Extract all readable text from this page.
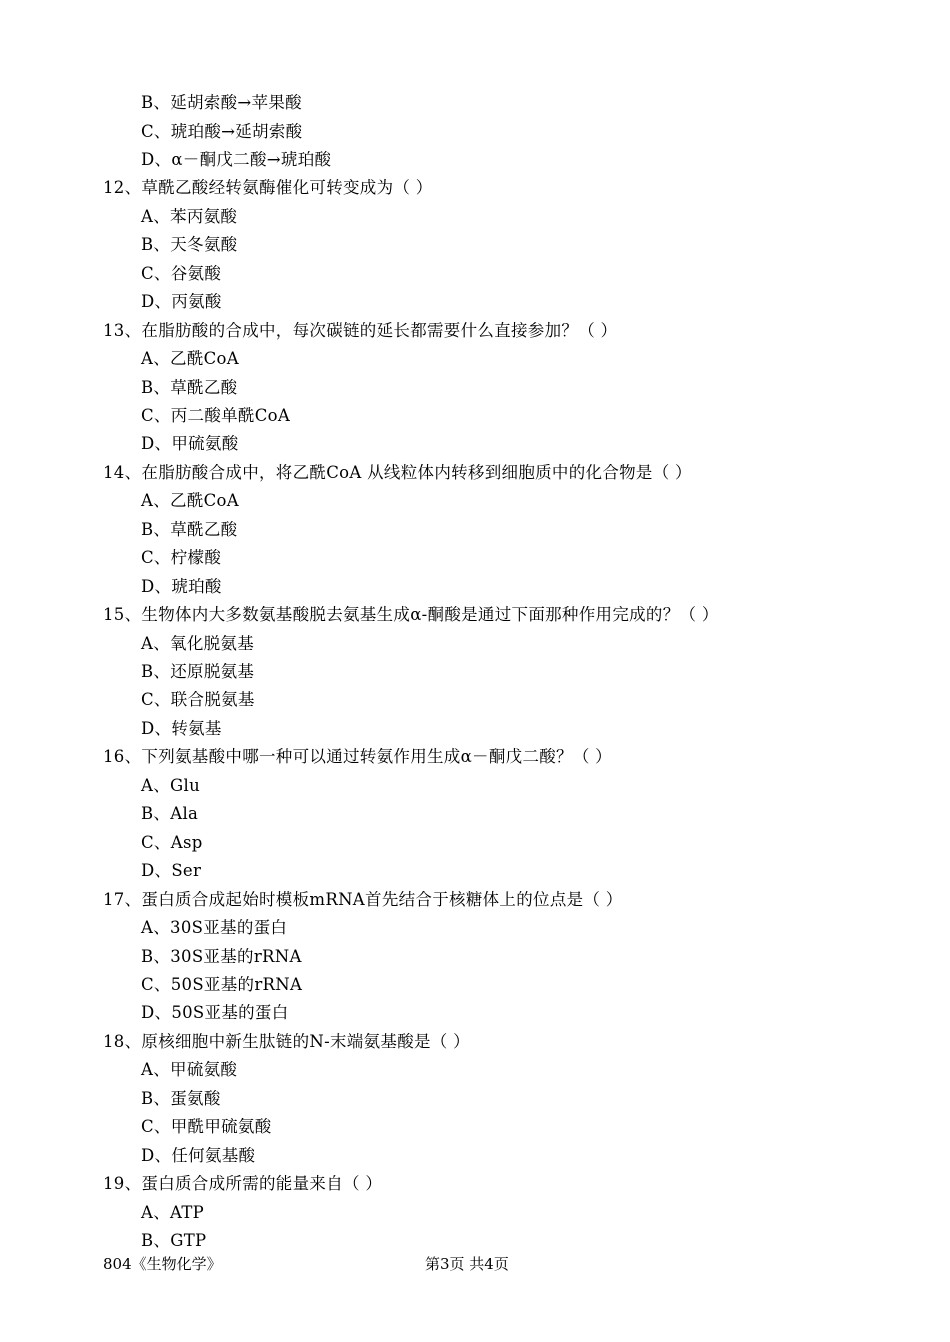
B、延胡索酸→苹果酸
C、琥珀酸→延胡索酸
D、α－酮戊二酸→琥珀酸
12、草酰乙酸经转氨酶催化可转变成为（ ）
A、苯丙氨酸
B、天冬氨酸
C、谷氨酸
D、丙氨酸
13、在脂肪酸的合成中，每次碳链的延长都需要什么直接参加？（ ）
A、乙酰CoA
B、草酰乙酸
C、丙二酸单酰CoA
D、甲硫氨酸
14、在脂肪酸合成中，将乙酰CoA 从线粒体内转移到细胞质中的化合物是（ ）
A、乙酰CoA
B、草酰乙酸
C、柠檬酸
D、琥珀酸
15、生物体内大多数氨基酸脱去氨基生成α-酮酸是通过下面那种作用完成的？（ ）
A、氧化脱氨基
B、还原脱氨基
C、联合脱氨基
D、转氨基
16、下列氨基酸中哪一种可以通过转氨作用生成α－酮戊二酸？（ ）
A、Glu
B、Ala
C、Asp
D、Ser
17、蛋白质合成起始时模板mRNA首先结合于核糖体上的位点是（ ）
A、30S亚基的蛋白
B、30S亚基的rRNA
C、50S亚基的rRNA
D、50S亚基的蛋白
18、原核细胞中新生肽链的N-末端氨基酸是（ ）
A、甲硫氨酸
B、蛋氨酸
C、甲酰甲硫氨酸
D、任何氨基酸
19、蛋白质合成所需的能量来自（ ）
A、ATP
B、GTP
804《生物化学》	第3页 共4页
